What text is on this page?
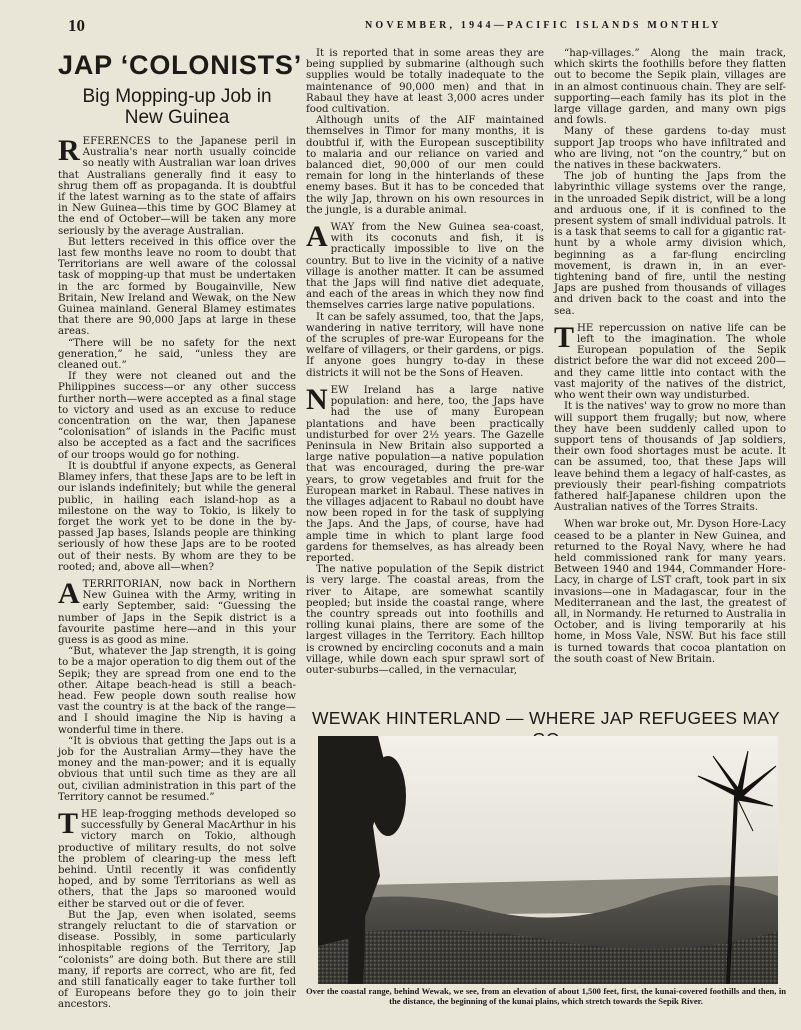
10	NOVEMBER, 1944—PACIFIC ISLANDS MONTHLY
JAP ‘COLONISTS’
Big Mopping-up Job in
New Guinea

REFERENCES to the Japanese peril in Australia's near north usually coincide so neatly with Australian war loan drives that Australians generally find it easy to shrug them off as propaganda. It is doubtful if the latest warning as to the state of affairs in New Guinea—this time by GOC Blamey at the end of October—will be taken any more seriously by the average Australian.

But letters received in this office over the last few months leave no room to doubt that Territorians are well aware of the colossal task of mopping-up that must be undertaken in the arc formed by Bougainville, New Britain, New Ireland and Wewak, on the New Guinea mainland. General Blamey estimates that there are 90,000 Japs at large in these areas.

“There will be no safety for the next generation,” he said, “unless they are cleaned out.”

If they were not cleaned out and the Philippines success—or any other success further north—were accepted as a final stage to victory and used as an excuse to reduce concentration on the war, then Japanese “colonisation” of islands in the Pacific must also be accepted as a fact and the sacrifices of our troops would go for nothing.

It is doubtful if anyone expects, as General Blamey infers, that these Japs are to be left in our islands indefinitely; but while the general public, in hailing each island-hop as a milestone on the way to Tokio, is likely to forget the work yet to be done in the by-passed Jap bases, Islands people are thinking seriously of how these Japs are to be rooted out of their nests. By whom are they to be rooted; and, above all—when?

ATERRITORIAN, now back in Northern New Guinea with the Army, writing in early September, said: “Guessing the number of Japs in the Sepik district is a favourite pastime here—and in this your guess is as good as mine.

“But, whatever the Jap strength, it is going to be a major operation to dig them out of the Sepik; they are spread from one end to the other. Aitape beach-head is still a beach-head. Few people down south realise how vast the country is at the back of the range—and I should imagine the Nip is having a wonderful time in there.

“It is obvious that getting the Japs out is a job for the Australian Army—they have the money and the man-power; and it is equally obvious that until such time as they are all out, civilian administration in this part of the Territory cannot be resumed.”

THE leap-frogging methods developed so successfully by General MacArthur in his victory march on Tokio, although productive of military results, do not solve the problem of clearing-up the mess left behind. Until recently it was confidently hoped, and by some Territorians as well as others, that the Japs so marooned would either be starved out or die of fever.

But the Jap, even when isolated, seems strangely reluctant to die of starvation or disease. Possibly, in some particularly inhospitable regions of the Territory, Jap “colonists” are doing both. But there are still many, if reports are correct, who are fit, fed and still fanatically eager to take further toll of Europeans before they go to join their ancestors.

It is reported that in some areas they are being supplied by submarine (although such supplies would be totally inadequate to the maintenance of 90,000 men) and that in Rabaul they have at least 3,000 acres under food cultivation.

Although units of the AIF maintained themselves in Timor for many months, it is doubtful if, with the European susceptibility to malaria and our reliance on varied and balanced diet, 90,000 of our men could remain for long in the hinterlands of these enemy bases. But it has to be conceded that the wily Jap, thrown on his own resources in the jungle, is a durable animal.

AWAY from the New Guinea sea-coast, with its coconuts and fish, it is practically impossible to live on the country. But to live in the vicinity of a native village is another matter. It can be assumed that the Japs will find native diet adequate, and each of the areas in which they now find themselves carries large native populations.

It can be safely assumed, too, that the Japs, wandering in native territory, will have none of the scruples of pre-war Europeans for the welfare of villagers, or their gardens, or pigs. If anyone goes hungry to-day in these districts it will not be the Sons of Heaven.

NEW Ireland has a large native population: and here, too, the Japs have had the use of many European plantations and have been practically undisturbed for over 2½ years. The Gazelle Peninsula in New Britain also supported a large native population—a native population that was encouraged, during the pre-war years, to grow vegetables and fruit for the European market in Rabaul. These natives in the villages adjacent to Rabaul no doubt have now been roped in for the task of supplying the Japs. And the Japs, of course, have had ample time in which to plant large food gardens for themselves, as has already been reported.

The native population of the Sepik district is very large. The coastal areas, from the river to Aitape, are somewhat scantily peopled; but inside the coastal range, where the country spreads out into foothills and rolling kunai plains, there are some of the largest villages in the Territory. Each hilltop is crowned by encircling coconuts and a main village, while down each spur sprawl sort of outer-suburbs—called, in the vernacular,

“hap-villages.” Along the main track, which skirts the foothills before they flatten out to become the Sepik plain, villages are in an almost continuous chain. They are self-supporting—each family has its plot in the large village garden, and many own pigs and fowls.

Many of these gardens to-day must support Jap troops who have infiltrated and who are living, not “on the country,” but on the natives in these backwaters.

The job of hunting the Japs from the labyrinthic village systems over the range, in the unroaded Sepik district, will be a long and arduous one, if it is confined to the present system of small individual patrols. It is a task that seems to call for a gigantic rat-hunt by a whole army division which, beginning as a far-flung encircling movement, is drawn in, in an ever-tightening band of fire, until the nesting Japs are pushed from thousands of villages and driven back to the coast and into the sea.

THE repercussion on native life can be left to the imagination. The whole European population of the Sepik district before the war did not exceed 200—and they came little into contact with the vast majority of the natives of the district, who went their own way undisturbed.

It is the natives' way to grow no more than will support them frugally; but now, where they have been suddenly called upon to support tens of thousands of Jap soldiers, their own food shortages must be acute. It can be assumed, too, that these Japs will leave behind them a legacy of half-castes, as previously their pearl-fishing compatriots fathered half-Japanese children upon the Australian natives of the Torres Straits.

When war broke out, Mr. Dyson Hore-Lacy ceased to be a planter in New Guinea, and returned to the Royal Navy, where he had held commissioned rank for many years. Between 1940 and 1944, Commander Hore-Lacy, in charge of LST craft, took part in six invasions—one in Madagascar, four in the Mediterranean and the last, the greatest of all, in Normandy. He returned to Australia in October, and is living temporarily at his home, in Moss Vale, NSW. But his face still is turned towards that cocoa plantation on the south coast of New Britain.

WEWAK HINTERLAND — WHERE JAP REFUGEES MAY
Over the coastal range, behind Wewak, we see, from an elevation of about 1,500 feet, first, the kunai-covered foothills and then, in the distance, the beginning of the kunai plains, which stretch towards the Sepik River.
